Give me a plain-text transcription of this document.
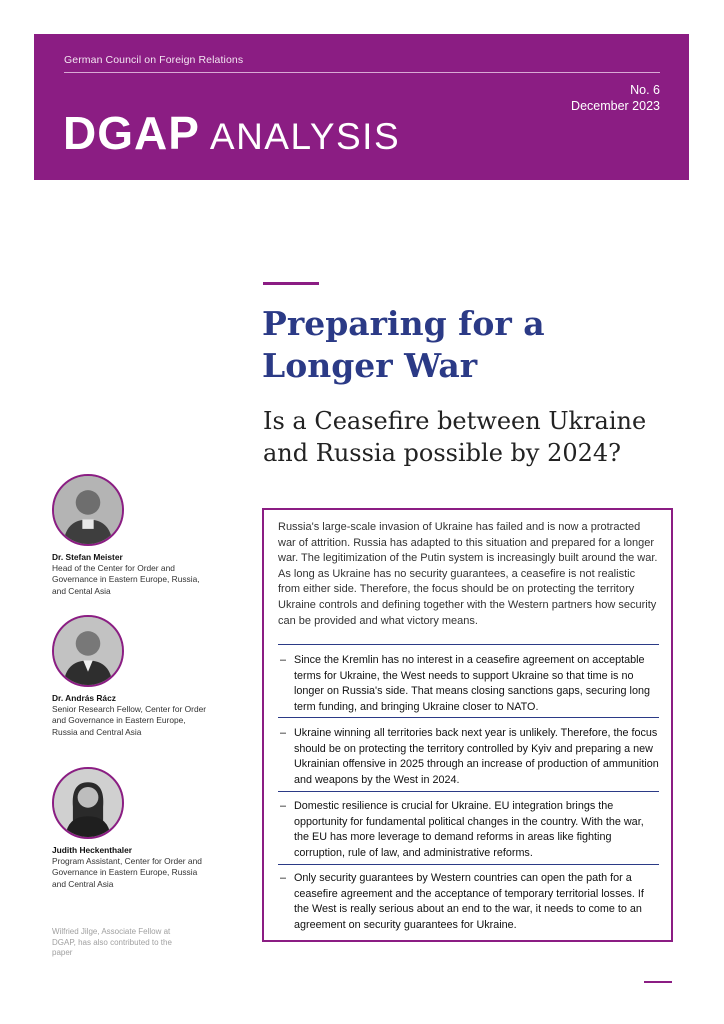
German Council on Foreign Relations
No. 6
December 2023
DGAP ANALYSIS
Preparing for a Longer War
Is a Ceasefire between Ukraine and Russia possible by 2024?
Dr. Stefan Meister
Head of the Center for Order and Governance in Eastern Europe, Russia, and Cental Asia
Dr. András Rácz
Senior Research Fellow, Center for Order and Governance in Eastern Europe, Russia and Central Asia
Judith Heckenthaler
Program Assistant, Center for Order and Governance in Eastern Europe, Russia and Central Asia
Wilfried Jilge, Associate Fellow at DGAP, has also contributed to the paper

Russia's large-scale invasion of Ukraine has failed and is now a protracted war of attrition. Russia has adapted to this situation and prepared for a longer war. The legitimization of the Putin system is increasingly built around the war. As long as Ukraine has no security guarantees, a ceasefire is not realistic from either side. Therefore, the focus should be on protecting the territory Ukraine controls and defining together with the Western partners how security can be provided and what victory means.

– Since the Kremlin has no interest in a ceasefire agreement on acceptable terms for Ukraine, the West needs to support Ukraine so that time is no longer on Russia's side. That means closing sanctions gaps, securing long term funding, and bringing Ukraine closer to NATO.

– Ukraine winning all territories back next year is unlikely. Therefore, the focus should be on protecting the territory controlled by Kyiv and preparing a new Ukrainian offensive in 2025 through an increase of production of ammunition and weapons by the West in 2024.

– Domestic resilience is crucial for Ukraine. EU integration brings the opportunity for fundamental political changes in the country. With the war, the EU has more leverage to demand reforms in areas like fighting corruption, rule of law, and administrative reforms.

– Only security guarantees by Western countries can open the path for a ceasefire agreement and the acceptance of temporary territorial losses. If the West is really serious about an end to the war, it needs to come to an agreement on security guarantees for Ukraine.
